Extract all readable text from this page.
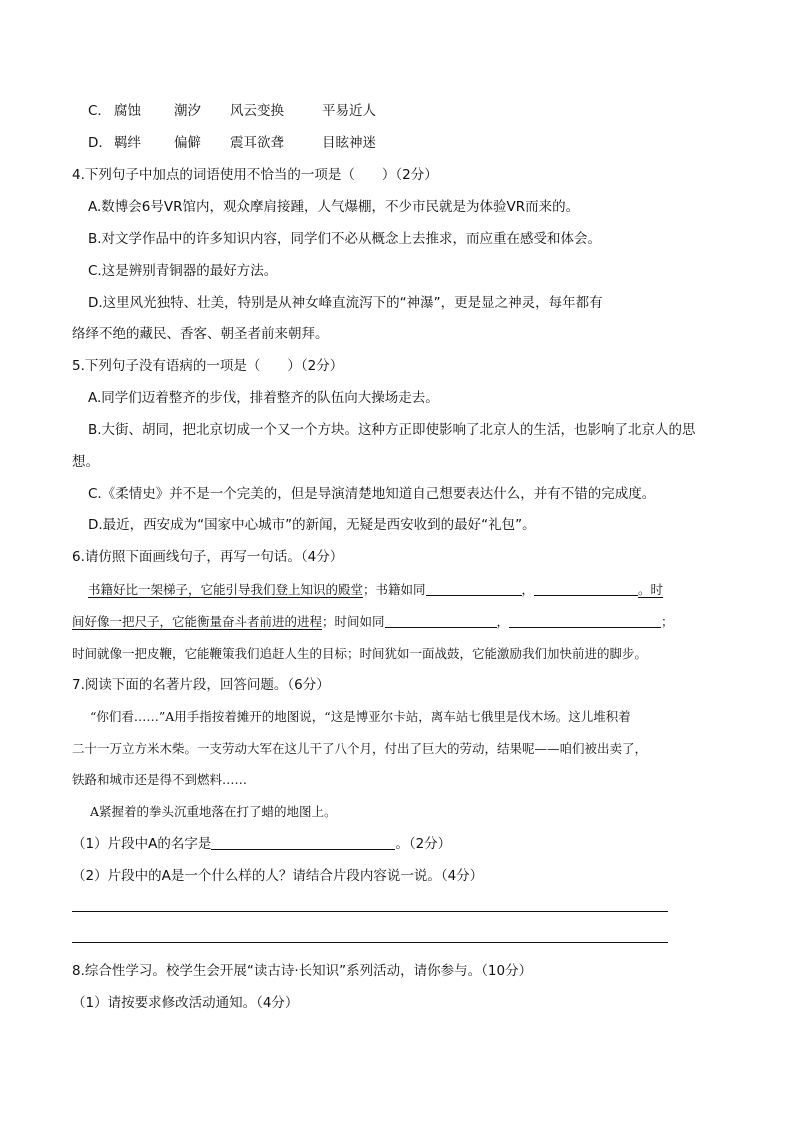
C. 腐蚀 潮汐 风云变换	平易近人
D. 羁绊 偏僻 震耳欲聋	目眩神迷
4.下列句子中加点的词语使用不恰当的一项是（　　）（2分）
A.数博会6号VR馆内，观众摩肩接踵，人气爆棚，不少市民就是为体验VR而来的。
B.对文学作品中的许多知识内容，同学们不必从概念上去推求，而应重在感受和体会。
C.这是辨别青铜器的最好方法。
D.这里风光独特、壮美，特别是从神女峰直流泻下的“神瀑”，更是显之神灵，每年都有
络绎不绝的藏民、香客、朝圣者前来朝拜。
5.下列句子没有语病的一项是（　　）（2分）
A.同学们迈着整齐的步伐，排着整齐的队伍向大操场走去。
B.大街、胡同，把北京切成一个又一个方块。这种方正即使影响了北京人的生活，也影响了北京人的思
想。
C.《柔情史》并不是一个完美的，但是导演清楚地知道自己想要表达什么，并有不错的完成度。
D.最近，西安成为“国家中心城市”的新闻，无疑是西安收到的最好“礼包”。
6.请仿照下面画线句子，再写一句话。（4分）
书籍好比一架梯子，它能引导我们登上知识的殿堂；书籍如同	，	。时
间好像一把尺子，它能衡量奋斗者前进的进程；时间如同	，	；
时间就像一把皮鞭，它能鞭策我们追赶人生的目标；时间犹如一面战鼓，它能激励我们加快前进的脚步。
7.阅读下面的名著片段，回答问题。（6分）
“你们看……”A用手指按着摊开的地图说，“这是博亚尔卡站，离车站七俄里是伐木场。这儿堆积着
二十一万立方米木柴。一支劳动大军在这儿干了八个月，付出了巨大的劳动，结果呢——咱们被出卖了，
铁路和城市还是得不到燃料……
A紧握着的拳头沉重地落在打了蜡的地图上。
（1）片段中A的名字是	。（2分）
（2）片段中的A是一个什么样的人？请结合片段内容说一说。（4分）
8.综合性学习。校学生会开展“读古诗·长知识”系列活动，请你参与。（10分）
（1）请按要求修改活动通知。（4分）
